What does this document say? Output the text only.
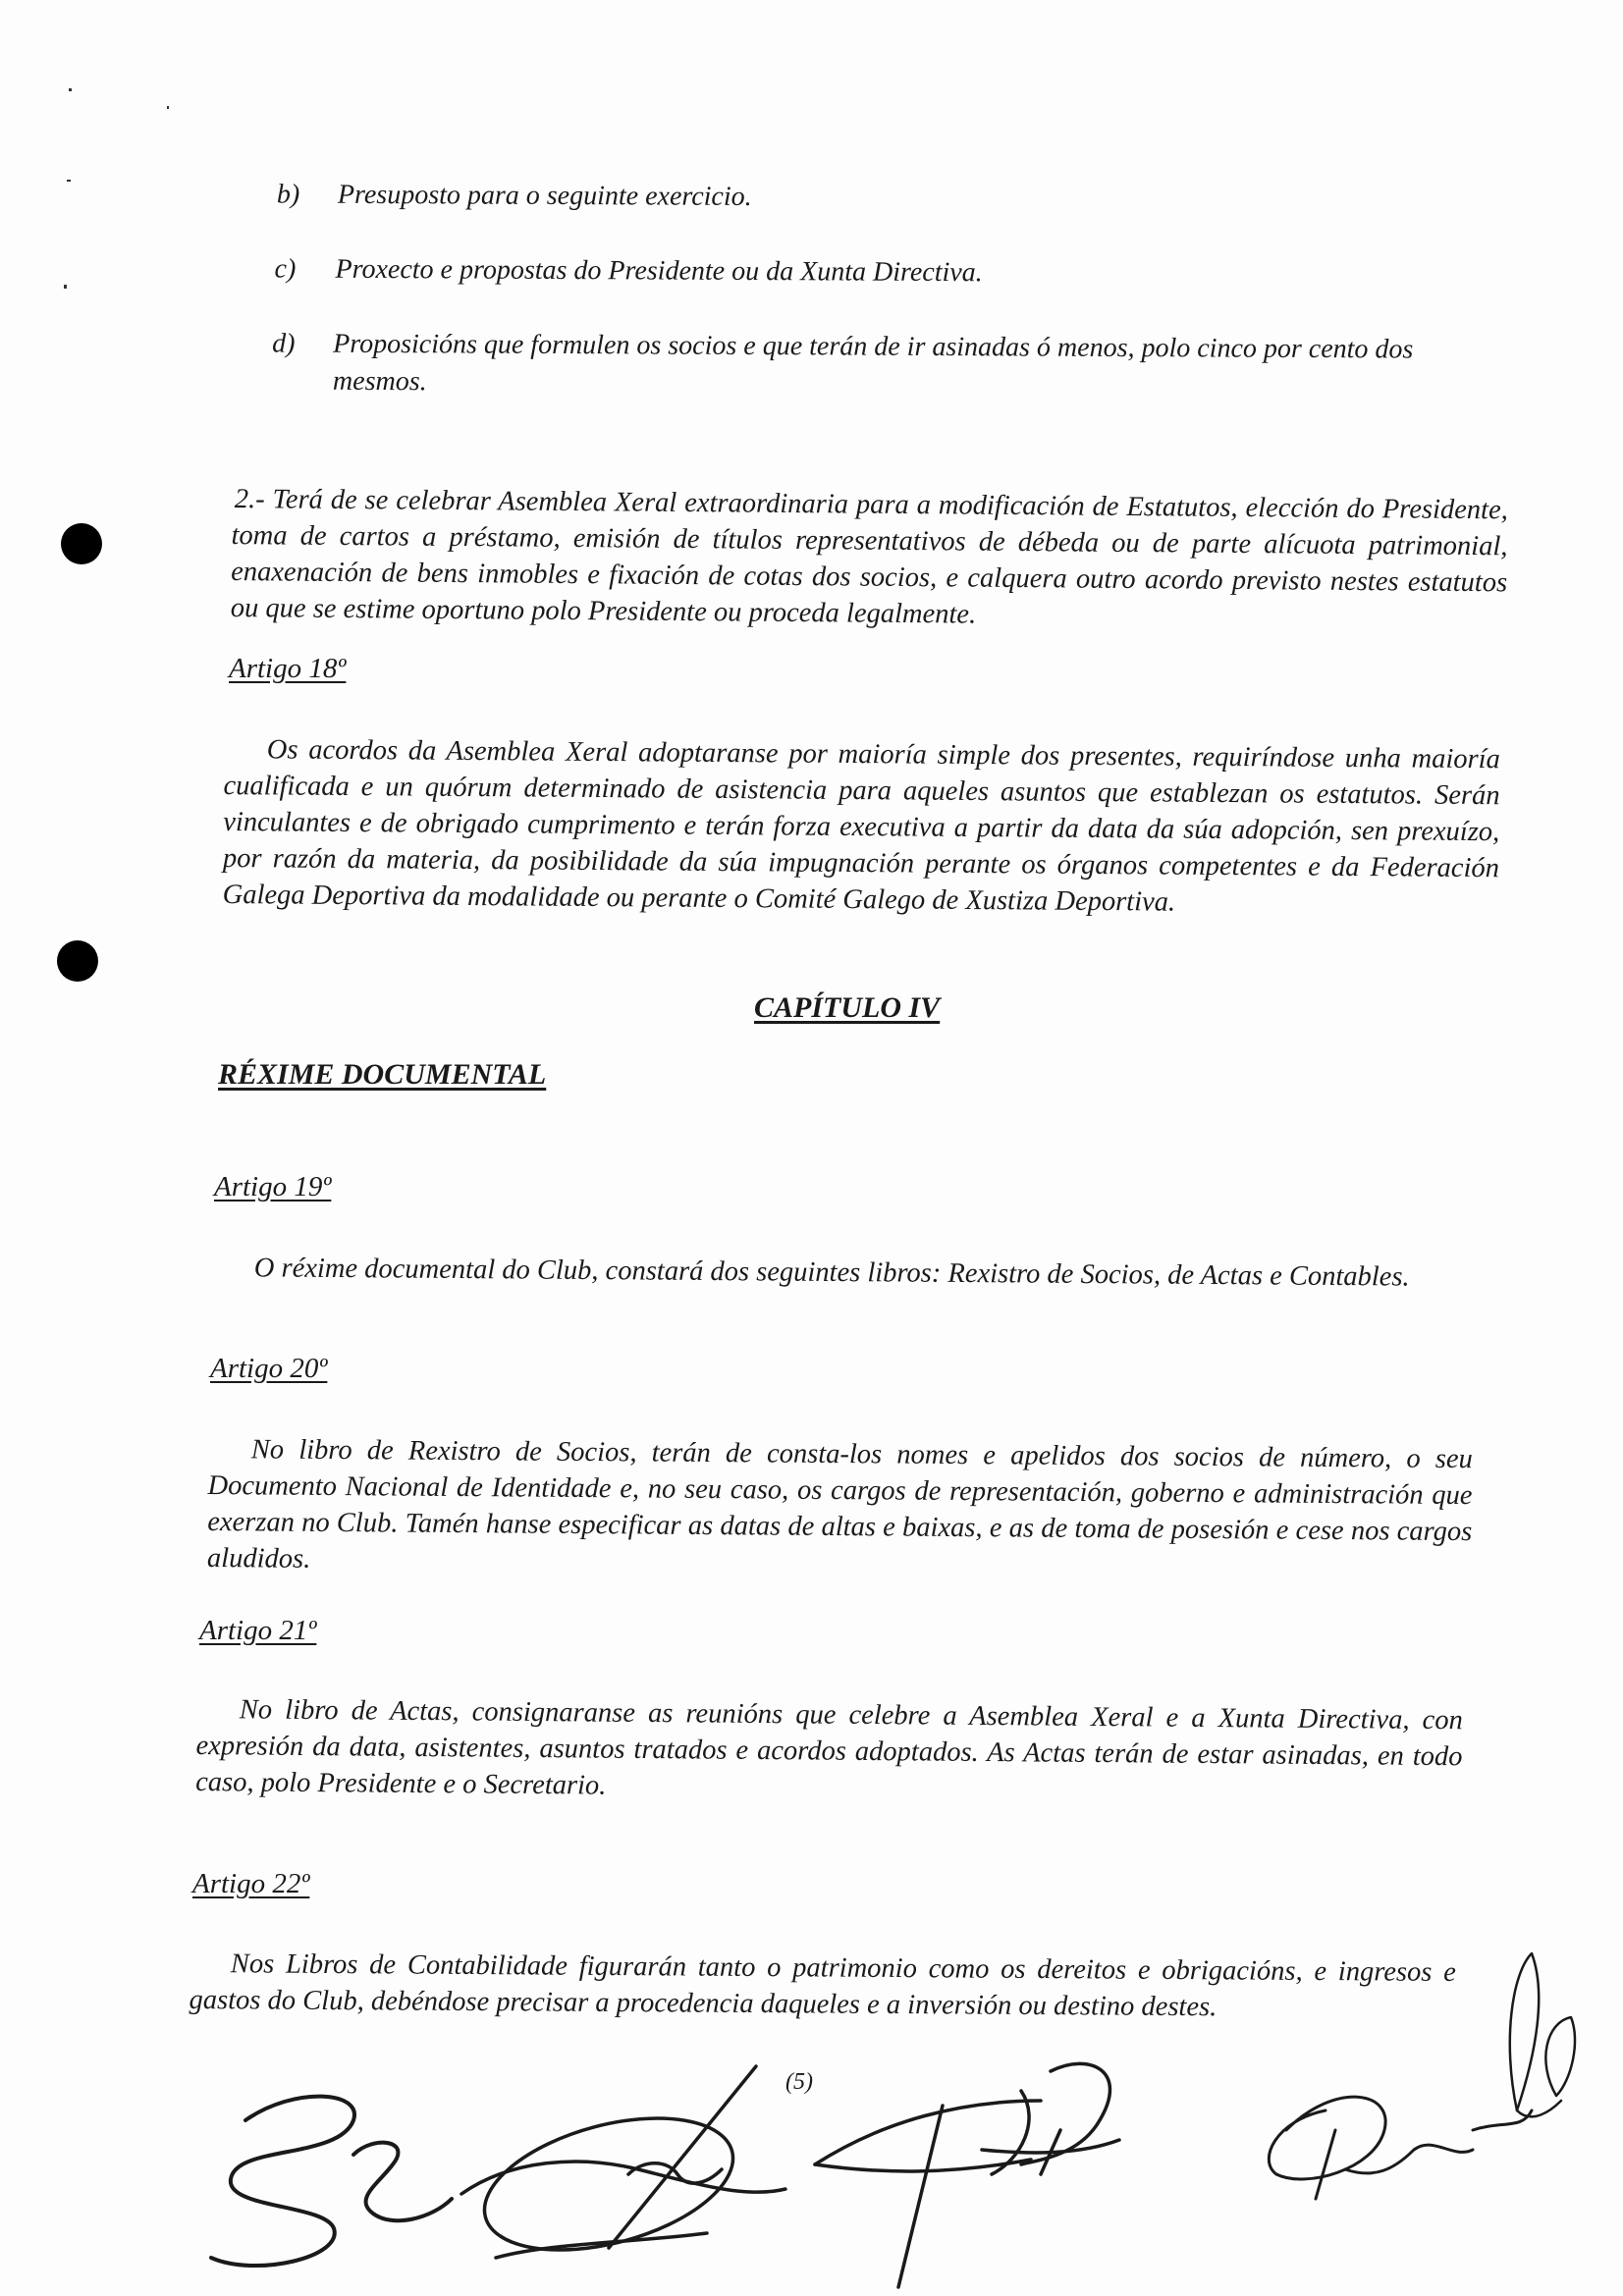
b) Presuposto para o seguinte exercicio.
c) Proxecto e propostas do Presidente ou da Xunta Directiva.
d) Proposicións que formulen os socios e que terán de ir asinadas ó menos, polo cinco por cento dos mesmos.
2.- Terá de se celebrar Asemblea Xeral extraordinaria para a modificación de Estatutos, elección do Presidente, toma de cartos a préstamo, emisión de títulos representativos de débeda ou de parte alícuota patrimonial, enaxenación de bens inmobles e fixación de cotas dos socios, e calquera outro acordo previsto nestes estatutos ou que se estime oportuno polo Presidente ou proceda legalmente.
Artigo 18º
Os acordos da Asemblea Xeral adoptaranse por maioría simple dos presentes, requiríndose unha maioría cualificada e un quórum determinado de asistencia para aqueles asuntos que establezan os estatutos. Serán vinculantes e de obrigado cumprimento e terán forza executiva a partir da data da súa adopción, sen prexuízo, por razón da materia, da posibilidade da súa impugnación perante os órganos competentes e da Federación Galega Deportiva da modalidade ou perante o Comité Galego de Xustiza Deportiva.
CAPÍTULO IV
RÉXIME DOCUMENTAL
Artigo 19º
O réxime documental do Club, constará dos seguintes libros: Rexistro de Socios, de Actas e Contables.
Artigo 20º
No libro de Rexistro de Socios, terán de consta-los nomes e apelidos dos socios de número, o seu Documento Nacional de Identidade e, no seu caso, os cargos de representación, goberno e administración que exerzan no Club. Tamén hanse especificar as datas de altas e baixas, e as de toma de posesión e cese nos cargos aludidos.
Artigo 21º
No libro de Actas, consignaranse as reunións que celebre a Asemblea Xeral e a Xunta Directiva, con expresión da data, asistentes, asuntos tratados e acordos adoptados. As Actas terán de estar asinadas, en todo caso, polo Presidente e o Secretario.
Artigo 22º
Nos Libros de Contabilidade figurarán tanto o patrimonio como os dereitos e obrigacións, e ingresos e gastos do Club, debéndose precisar a procedencia daqueles e a inversión ou destino destes.
(5)
